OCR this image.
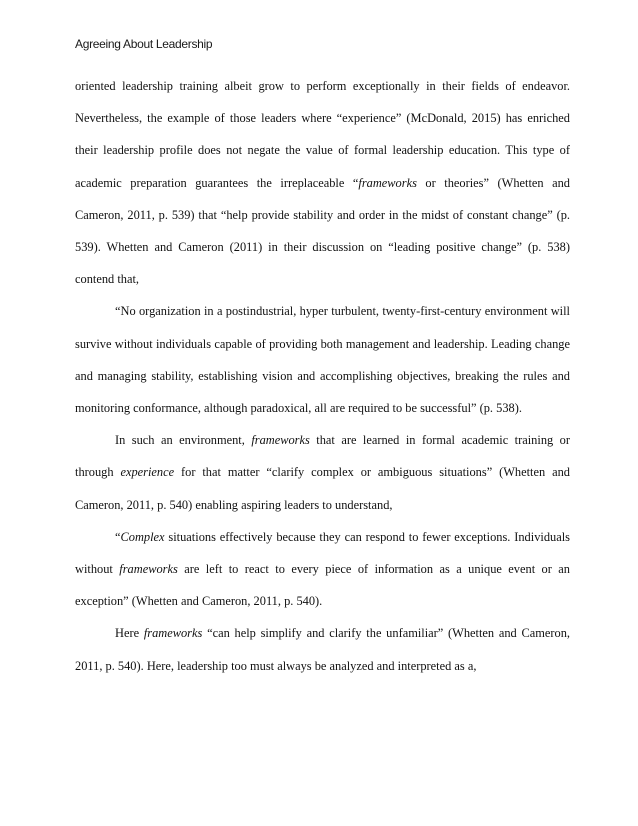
Agreeing About Leadership

oriented leadership training albeit grow to perform exceptionally in their fields of endeavor. Nevertheless, the example of those leaders where “experience” (McDonald, 2015) has enriched their leadership profile does not negate the value of formal leadership education. This type of academic preparation guarantees the irreplaceable “frameworks or theories” (Whetten and Cameron, 2011, p. 539) that “help provide stability and order in the midst of constant change” (p. 539). Whetten and Cameron (2011) in their discussion on “leading positive change” (p. 538) contend that,

“No organization in a postindustrial, hyper turbulent, twenty-first-century environment will survive without individuals capable of providing both management and leadership. Leading change and managing stability, establishing vision and accomplishing objectives, breaking the rules and monitoring conformance, although paradoxical, all are required to be successful” (p. 538).

In such an environment, frameworks that are learned in formal academic training or through experience for that matter “clarify complex or ambiguous situations” (Whetten and Cameron, 2011, p. 540) enabling aspiring leaders to understand,

“Complex situations effectively because they can respond to fewer exceptions. Individuals without frameworks are left to react to every piece of information as a unique event or an exception” (Whetten and Cameron, 2011, p. 540).

Here frameworks “can help simplify and clarify the unfamiliar” (Whetten and Cameron, 2011, p. 540). Here, leadership too must always be analyzed and interpreted as a,
